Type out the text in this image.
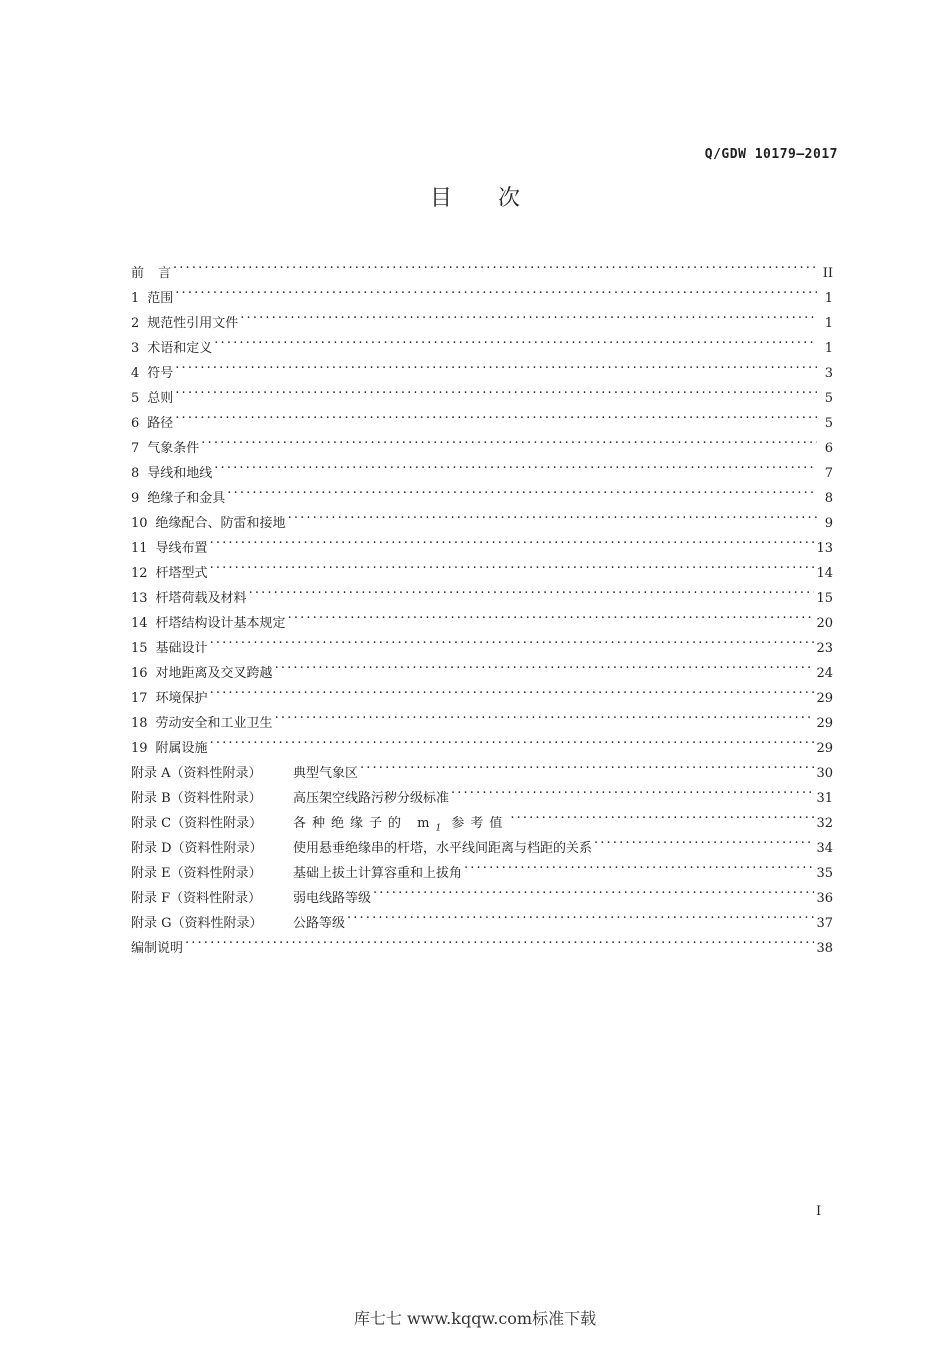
Q/GDW 10179—2017
目次
前 言 . . .	II
1 范围 . . .	1
2 规范性引用文件 . . .	1
3 术语和定义 . . .	1
4 符号 . . .	3
5 总则 . . .	5
6 路径 . . .	5
7 气象条件 . . .	6
8 导线和地线 . . .	7
9 绝缘子和金具 . . .	8
10 绝缘配合、防雷和接地 . . .	9
11 导线布置 . . .	13
12 杆塔型式 . . .	14
13 杆塔荷载及材料 . . .	15
14 杆塔结构设计基本规定 . . .	20
15 基础设计 . . .	23
16 对地距离及交叉跨越 . . .	24
17 环境保护 . . .	29
18 劳动安全和工业卫生 . . .	29
19 附属设施 . . .	29
附录 A（资料性附录）	典型气象区 . . .	30
附录 B（资料性附录）	高压架空线路污秽分级标准 . . .	31
附录 C（资料性附录）	各种绝缘子的 $m_1$ 参考值 . . .	32
附录 D（资料性附录）	使用悬垂绝缘串的杆塔，水平线间距离与档距的关系 . . .	34
附录 E（资料性附录）	基础上拔土计算容重和上拔角 . . .	35
附录 F（资料性附录）	弱电线路等级 . . .	36
附录 G（资料性附录）	公路等级 . . .	37
编制说明 . . .	38
I
库七七 www.kqqw.com标准下载
